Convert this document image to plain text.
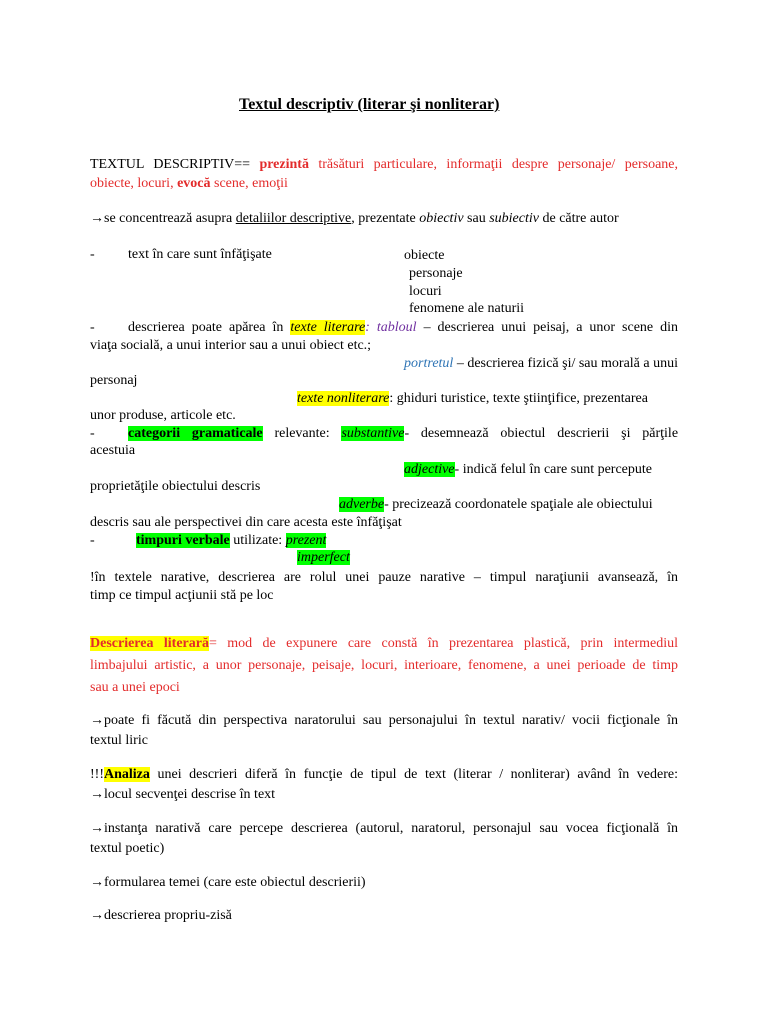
Textul descriptiv (literar şi nonliterar)
TEXTUL DESCRIPTIV== prezintă trăsături particulare, informaţii despre personaje/ persoane,
obiecte, locuri, evocă scene, emoţii
→se concentrează asupra detaliilor descriptive, prezentate obiectiv sau subiectiv de către autor
- text în care sunt înfăţişate	obiecte
personaje
locuri
fenomene ale naturii
- descrierea poate apărea în texte literare: tabloul – descrierea unui peisaj, a unor scene din
viaţa socială, a unui interior sau a unui obiect etc.;
portretul – descrierea fizică şi/ sau morală a unui
personaj
texte nonliterare: ghiduri turistice, texte ştiinţifice, prezentarea
unor produse, articole etc.
- categorii gramaticale relevante: substantive- desemnează obiectul descrierii şi părţile
acestuia
adjective- indică felul în care sunt percepute
proprietăţile obiectului descris
adverbe- precizează coordonatele spaţiale ale obiectului
descris sau ale perspectivei din care acesta este înfăţişat
-	timpuri verbale utilizate: prezent
imperfect
!în textele narative, descrierea are rolul unei pauze narative – timpul naraţiunii avansează, în
timp ce timpul acţiunii stă pe loc
Descrierea literară= mod de expunere care constă în prezentarea plastică, prin intermediul
limbajului artistic, a unor personaje, peisaje, locuri, interioare, fenomene, a unei perioade de timp
sau a unei epoci
→poate fi făcută din perspectiva naratorului sau personajului în textul narativ/ vocii ficţionale în
textul liric
!!!Analiza unei descrieri diferă în funcţie de tipul de text (literar / nonliterar) având în vedere:
→locul secvenţei descrise în text
→instanţa narativă care percepe descrierea (autorul, naratorul, personajul sau vocea ficţională în
textul poetic)
→formularea temei (care este obiectul descrierii)
→descrierea propriu-zisă
